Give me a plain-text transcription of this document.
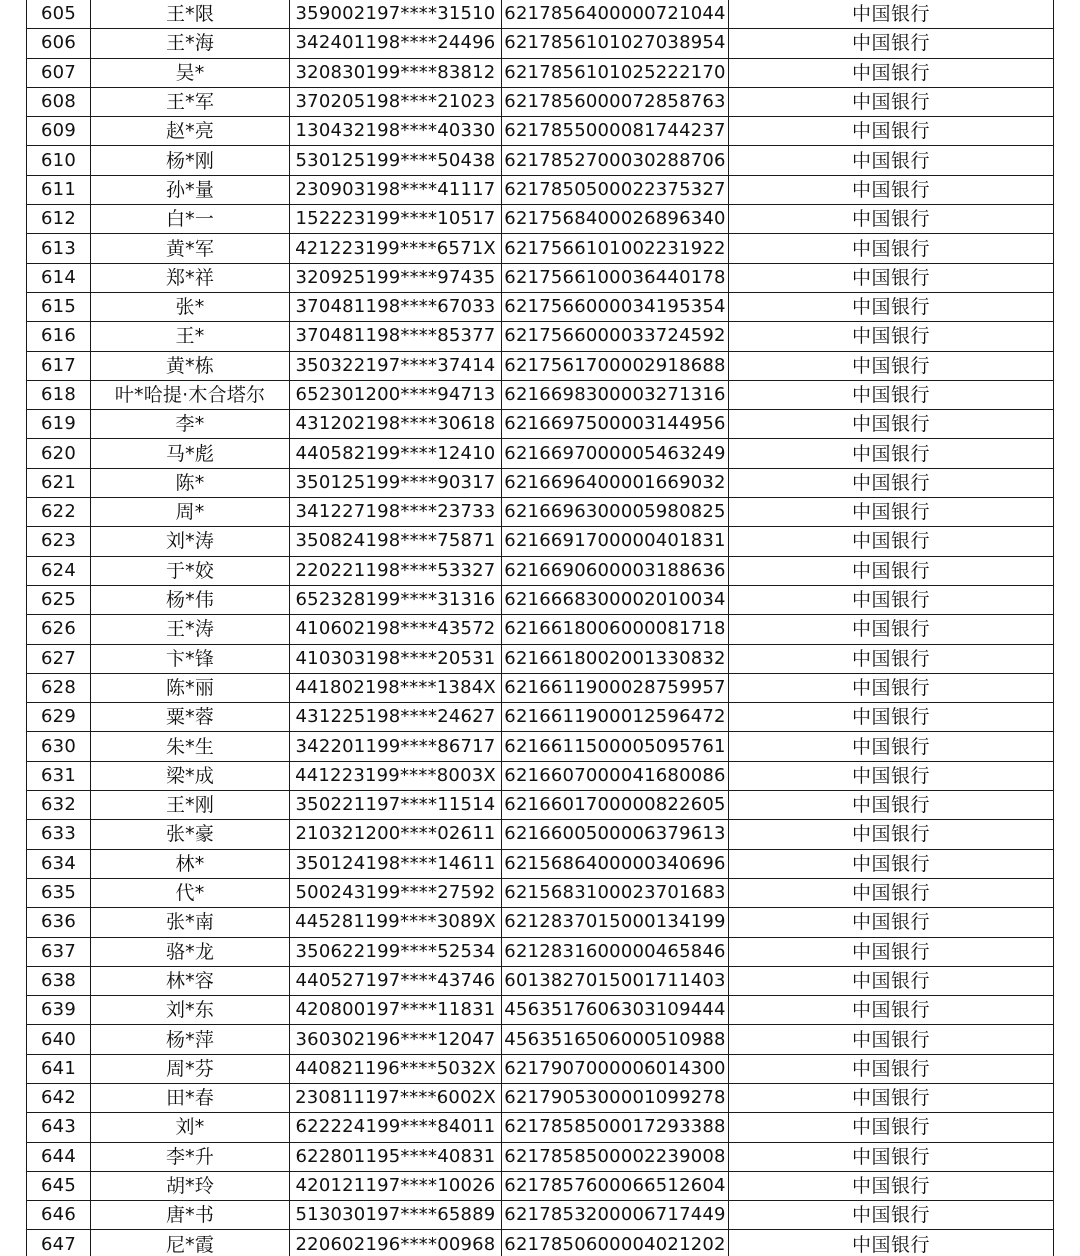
605	王*限	359002197****31510	6217856400000721044	中国银行
606	王*海	342401198****24496	6217856101027038954	中国银行
607	吴*	320830199****83812	6217856101025222170	中国银行
608	王*军	370205198****21023	6217856000072858763	中国银行
609	赵*亮	130432198****40330	6217855000081744237	中国银行
610	杨*刚	530125199****50438	6217852700030288706	中国银行
611	孙*量	230903198****41117	6217850500022375327	中国银行
612	白*一	152223199****10517	6217568400026896340	中国银行
613	黄*军	421223199****6571X	6217566101002231922	中国银行
614	郑*祥	320925199****97435	6217566100036440178	中国银行
615	张*	370481198****67033	6217566000034195354	中国银行
616	王*	370481198****85377	6217566000033724592	中国银行
617	黄*栋	350322197****37414	6217561700002918688	中国银行
618	叶*哈提·木合塔尔	652301200****94713	6216698300003271316	中国银行
619	李*	431202198****30618	6216697500003144956	中国银行
620	马*彪	440582199****12410	6216697000005463249	中国银行
621	陈*	350125199****90317	6216696400001669032	中国银行
622	周*	341227198****23733	6216696300005980825	中国银行
623	刘*涛	350824198****75871	6216691700000401831	中国银行
624	于*姣	220221198****53327	6216690600003188636	中国银行
625	杨*伟	652328199****31316	6216668300002010034	中国银行
626	王*涛	410602198****43572	6216618006000081718	中国银行
627	卞*锋	410303198****20531	6216618002001330832	中国银行
628	陈*丽	441802198****1384X	6216611900028759957	中国银行
629	粟*蓉	431225198****24627	6216611900012596472	中国银行
630	朱*生	342201199****86717	6216611500005095761	中国银行
631	梁*成	441223199****8003X	6216607000041680086	中国银行
632	王*刚	350221197****11514	6216601700000822605	中国银行
633	张*豪	210321200****02611	6216600500006379613	中国银行
634	林*	350124198****14611	6215686400000340696	中国银行
635	代*	500243199****27592	6215683100023701683	中国银行
636	张*南	445281199****3089X	6212837015000134199	中国银行
637	骆*龙	350622199****52534	6212831600000465846	中国银行
638	林*容	440527197****43746	6013827015001711403	中国银行
639	刘*东	420800197****11831	4563517606303109444	中国银行
640	杨*萍	360302196****12047	4563516506000510988	中国银行
641	周*芬	440821196****5032X	6217907000006014300	中国银行
642	田*春	230811197****6002X	6217905300001099278	中国银行
643	刘*	622224199****84011	6217858500017293388	中国银行
644	李*升	622801195****40831	6217858500002239008	中国银行
645	胡*玲	420121197****10026	6217857600066512604	中国银行
646	唐*书	513030197****65889	6217853200006717449	中国银行
647	尼*霞	220602196****00968	6217850600004021202	中国银行
